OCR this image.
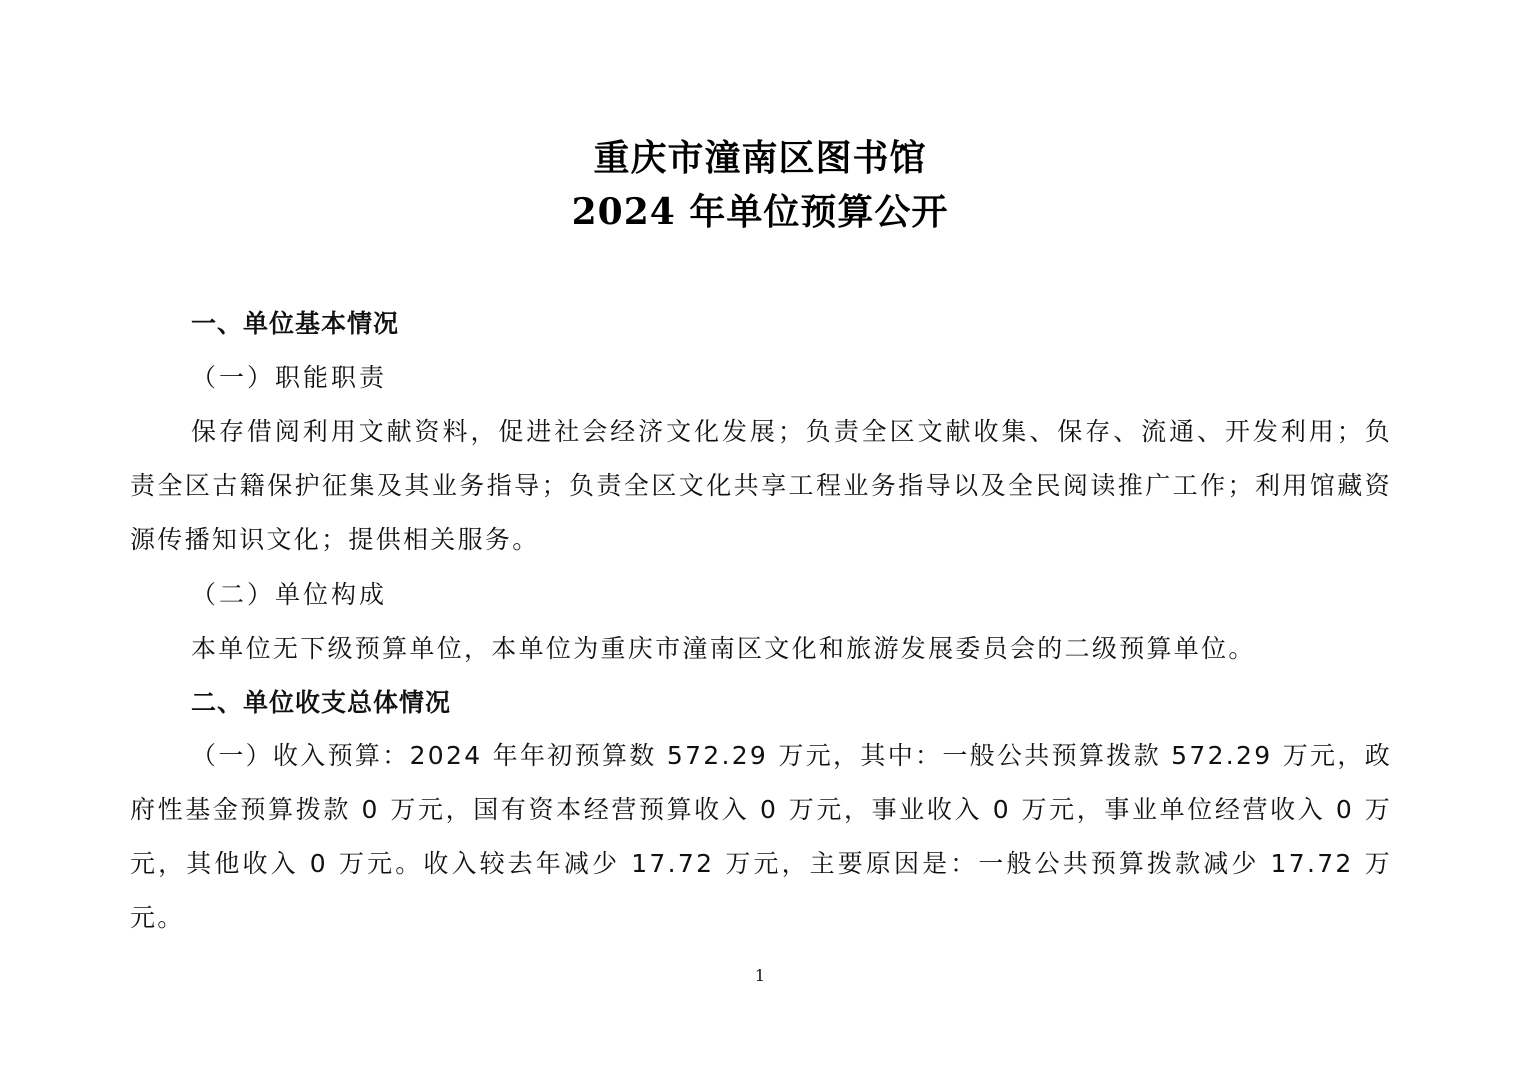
重庆市潼南区图书馆
2024 年单位预算公开
一、单位基本情况
（一）职能职责
保存借阅利用文献资料，促进社会经济文化发展；负责全区文献收集、保存、流通、开发利用；负责全区古籍保护征集及其业务指导；负责全区文化共享工程业务指导以及全民阅读推广工作；利用馆藏资源传播知识文化；提供相关服务。
（二）单位构成
本单位无下级预算单位，本单位为重庆市潼南区文化和旅游发展委员会的二级预算单位。
二、单位收支总体情况
（一）收入预算：2024 年年初预算数 572.29 万元，其中：一般公共预算拨款 572.29 万元，政府性基金预算拨款 0 万元，国有资本经营预算收入 0 万元，事业收入 0 万元，事业单位经营收入 0 万元，其他收入 0 万元。收入较去年减少 17.72 万元，主要原因是：一般公共预算拨款减少 17.72 万元。
1
